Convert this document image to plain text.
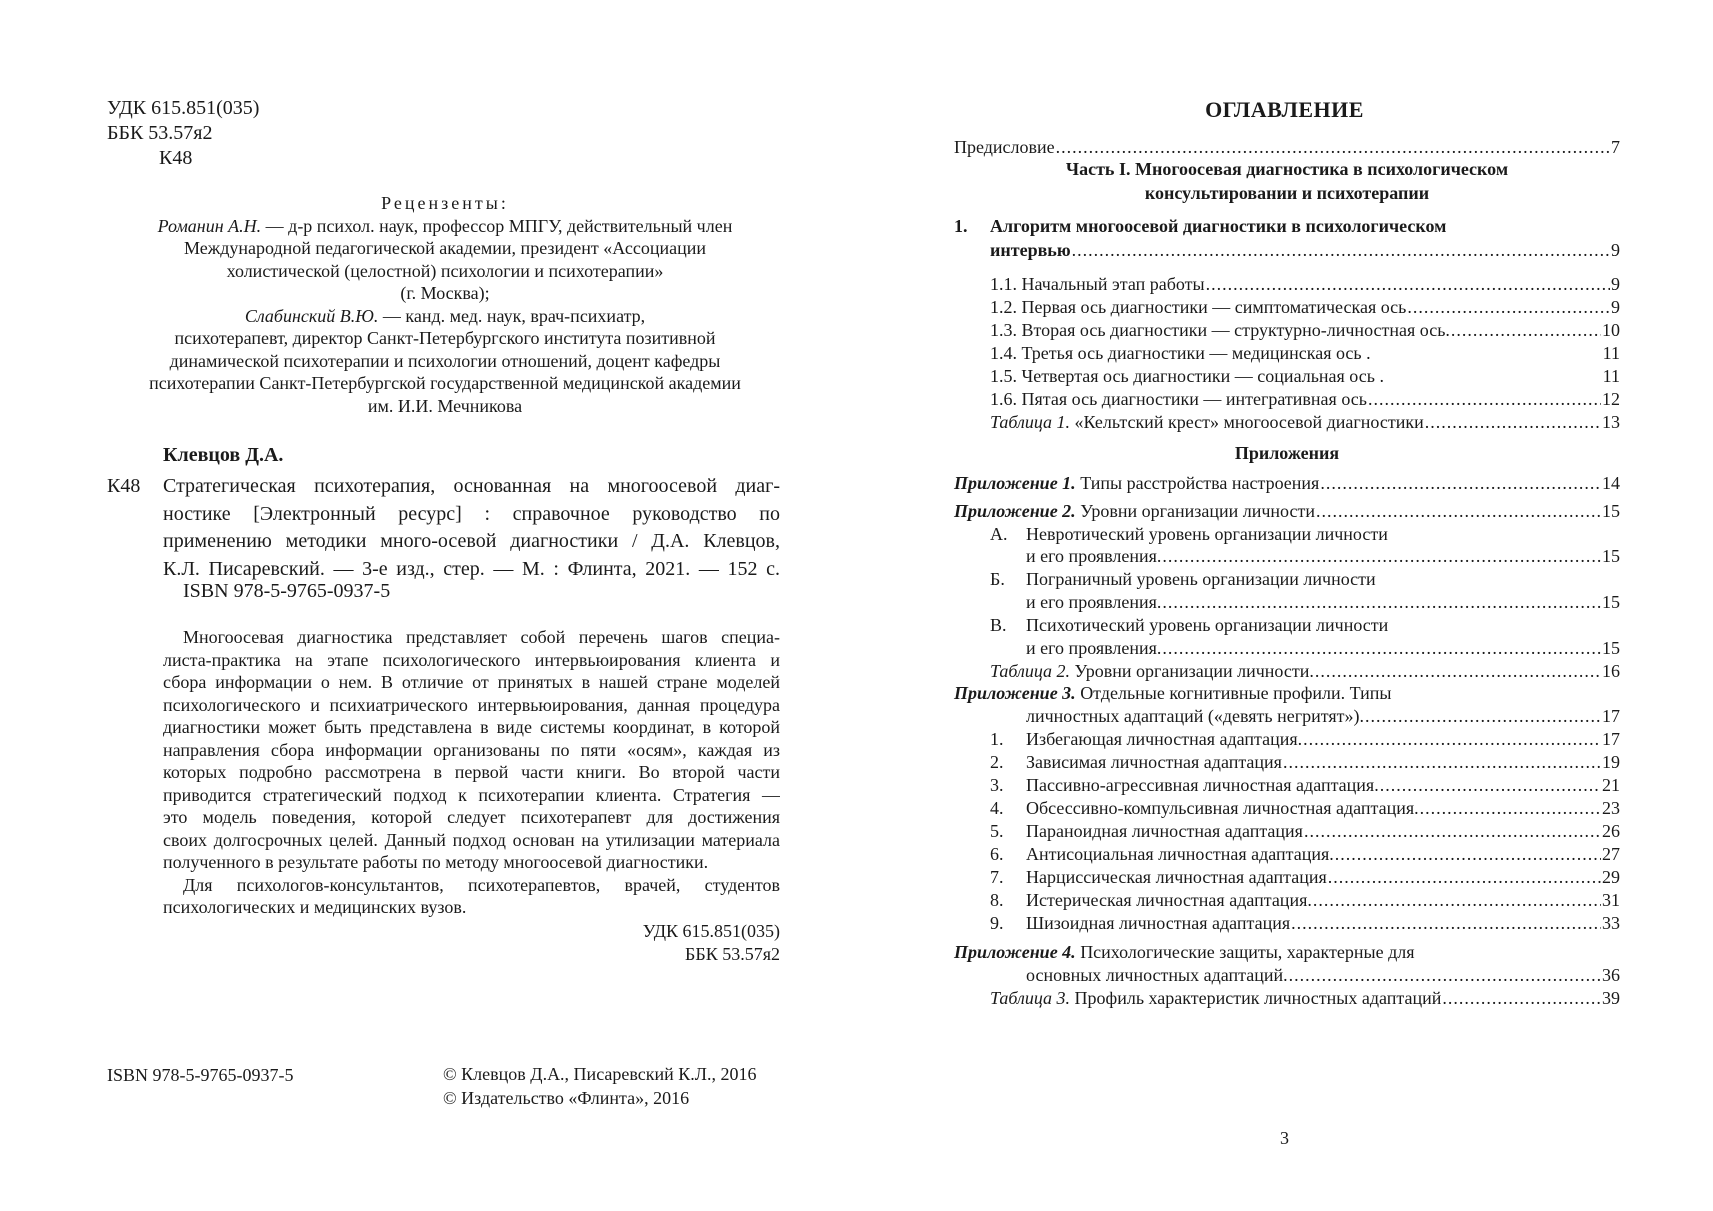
УДК 615.851(035)
ББК 53.57я2
К48
Рецензенты:
Романин А.Н. — д-р психол. наук, профессор МПГУ, действительный член
Международной педагогической академии, президент «Ассоциации
холистической (целостной) психологии и психотерапии»
(г. Москва);
Слабинский В.Ю. — канд. мед. наук, врач-психиатр,
психотерапевт, директор Санкт-Петербургского института позитивной
динамической психотерапии и психологии отношений, доцент кафедры
психотерапии Санкт-Петербургской государственной медицинской академии
им. И.И. Мечникова
Клевцов Д.А.
К48 Стратегическая психотерапия, основанная на многоосевой диаг-
ностике [Электронный ресурс] : справочное руководство по
применению методики много-осевой диагностики / Д.А. Клевцов,
К.Л. Писаревский. — 3-е изд., стер. — М. : Флинта, 2021. — 152 с.
ISBN 978-5-9765-0937-5
Многоосевая диагностика представляет собой перечень шагов специа-
листа-практика на этапе психологического интервьюирования клиента и
сбора информации о нем. В отличие от принятых в нашей стране моделей
психологического и психиатрического интервьюирования, данная процедура
диагностики может быть представлена в виде системы координат, в которой
направления сбора информации организованы по пяти «осям», каждая из
которых подробно рассмотрена в первой части книги. Во второй части
приводится стратегический подход к психотерапии клиента. Стратегия —
это модель поведения, которой следует психотерапевт для достижения
своих долгосрочных целей. Данный подход основан на утилизации материала
полученного в результате работы по методу многоосевой диагностики.
Для психологов-консультантов, психотерапевтов, врачей, студентов
психологических и медицинских вузов.
УДК 615.851(035)
ББК 53.57я2
ISBN 978-5-9765-0937-5	© Клевцов Д.А., Писаревский К.Л., 2016
© Издательство «Флинта», 2016
ОГЛАВЛЕНИЕ
Предисловие .....	7
Часть I. Многоосевая диагностика в психологическом
консультировании и психотерапии
1. Алгоритм многоосевой диагностики в психологическом
интервью .....	9
1.1. Начальный этап работы .....	9
1.2. Первая ось диагностики — симптоматическая ось .....	9
1.3. Вторая ось диагностики — структурно-личностная ось. .....	10
1.4. Третья ось диагностики — медицинская ось .	11
1.5. Четвертая ось диагностики — социальная ось .	11
1.6. Пятая ось диагностики — интегративная ось .....	12
Таблица 1. «Кельтский крест» многоосевой диагностики .....	13
Приложения
Приложение 1. Типы расстройства настроения .....	14
Приложение 2. Уровни организации личности .....	15
А. Невротический уровень организации личности
и его проявления. .....	15
Б. Пограничный уровень организации личности
и его проявления. .....	15
В. Психотический уровень организации личности
и его проявления. .....	15
Таблица 2. Уровни организации личности. .....	16
Приложение 3. Отдельные когнитивные профили. Типы
личностных адаптаций («девять негритят»). .....	17
1. Избегающая личностная адаптация. .....	17
2. Зависимая личностная адаптация .....	19
3. Пассивно-агрессивная личностная адаптация. .....	21
4. Обсессивно-компульсивная личностная адаптация. .....	23
5. Параноидная личностная адаптация .....	26
6. Антисоциальная личностная адаптация. .....	27
7. Нарциссическая личностная адаптация .....	29
8. Истерическая личностная адаптация. .....	31
9. Шизоидная личностная адаптация .....	33
Приложение 4. Психологические защиты, характерные для
основных личностных адаптаций. .....	36
Таблица 3. Профиль характеристик личностных адаптаций .....	39
3
